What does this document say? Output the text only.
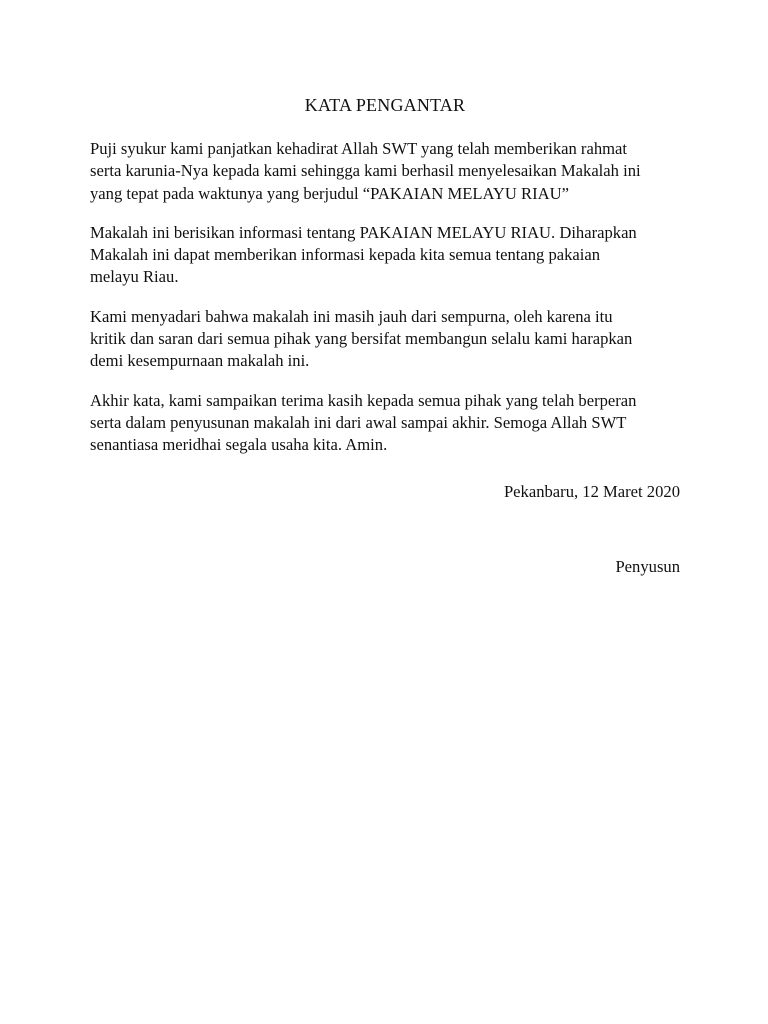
KATA PENGANTAR

Puji syukur kami panjatkan kehadirat Allah SWT yang telah memberikan rahmat
serta karunia-Nya kepada kami sehingga kami berhasil menyelesaikan Makalah ini
yang tepat pada waktunya yang berjudul “PAKAIAN MELAYU RIAU”

Makalah ini berisikan informasi tentang PAKAIAN MELAYU RIAU. Diharapkan
Makalah ini dapat memberikan informasi kepada kita semua tentang pakaian
melayu Riau.

Kami menyadari bahwa makalah ini masih jauh dari sempurna, oleh karena itu
kritik dan saran dari semua pihak yang bersifat membangun selalu kami harapkan
demi kesempurnaan makalah ini.

Akhir kata, kami sampaikan terima kasih kepada semua pihak yang telah berperan
serta dalam penyusunan makalah ini dari awal sampai akhir. Semoga Allah SWT
senantiasa meridhai segala usaha kita. Amin.

Pekanbaru, 12 Maret 2020
Penyusun
